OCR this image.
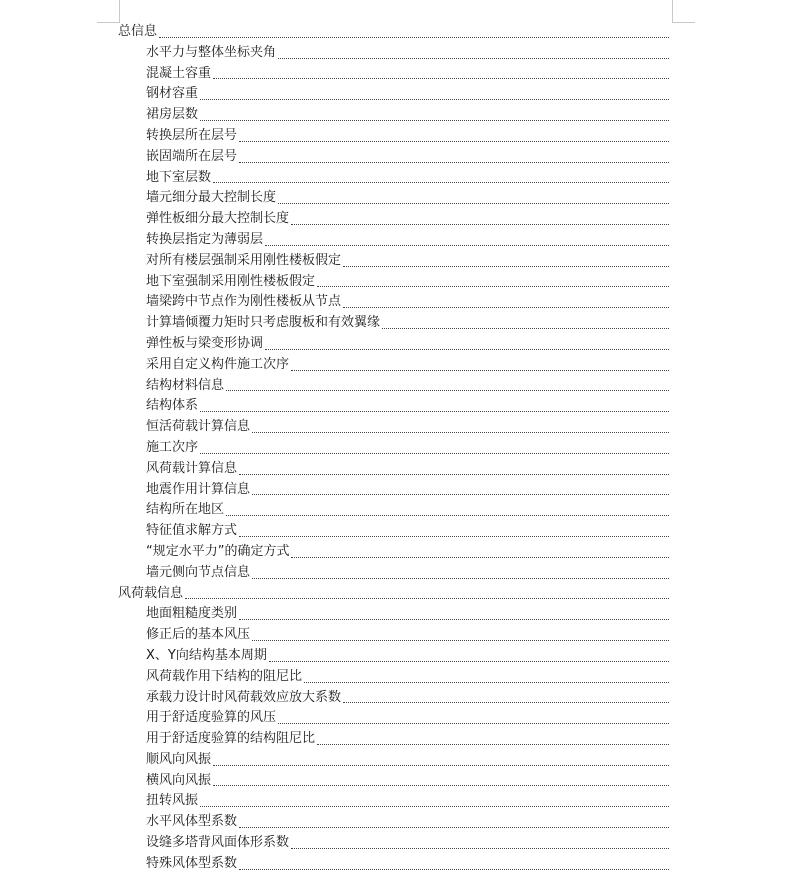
总信息
水平力与整体坐标夹角
混凝土容重
钢材容重
裙房层数
转换层所在层号
嵌固端所在层号
地下室层数
墙元细分最大控制长度
弹性板细分最大控制长度
转换层指定为薄弱层
对所有楼层强制采用刚性楼板假定
地下室强制采用刚性楼板假定
墙梁跨中节点作为刚性楼板从节点
计算墙倾覆力矩时只考虑腹板和有效翼缘
弹性板与梁变形协调
采用自定义构件施工次序
结构材料信息
结构体系
恒活荷载计算信息
施工次序
风荷载计算信息
地震作用计算信息
结构所在地区
特征值求解方式
“规定水平力”的确定方式
墙元侧向节点信息
风荷载信息
地面粗糙度类别
修正后的基本风压
X、Y向结构基本周期
风荷载作用下结构的阻尼比
承载力设计时风荷载效应放大系数
用于舒适度验算的风压
用于舒适度验算的结构阻尼比
顺风向风振
横风向风振
扭转风振
水平风体型系数
设缝多塔背风面体形系数
特殊风体型系数
